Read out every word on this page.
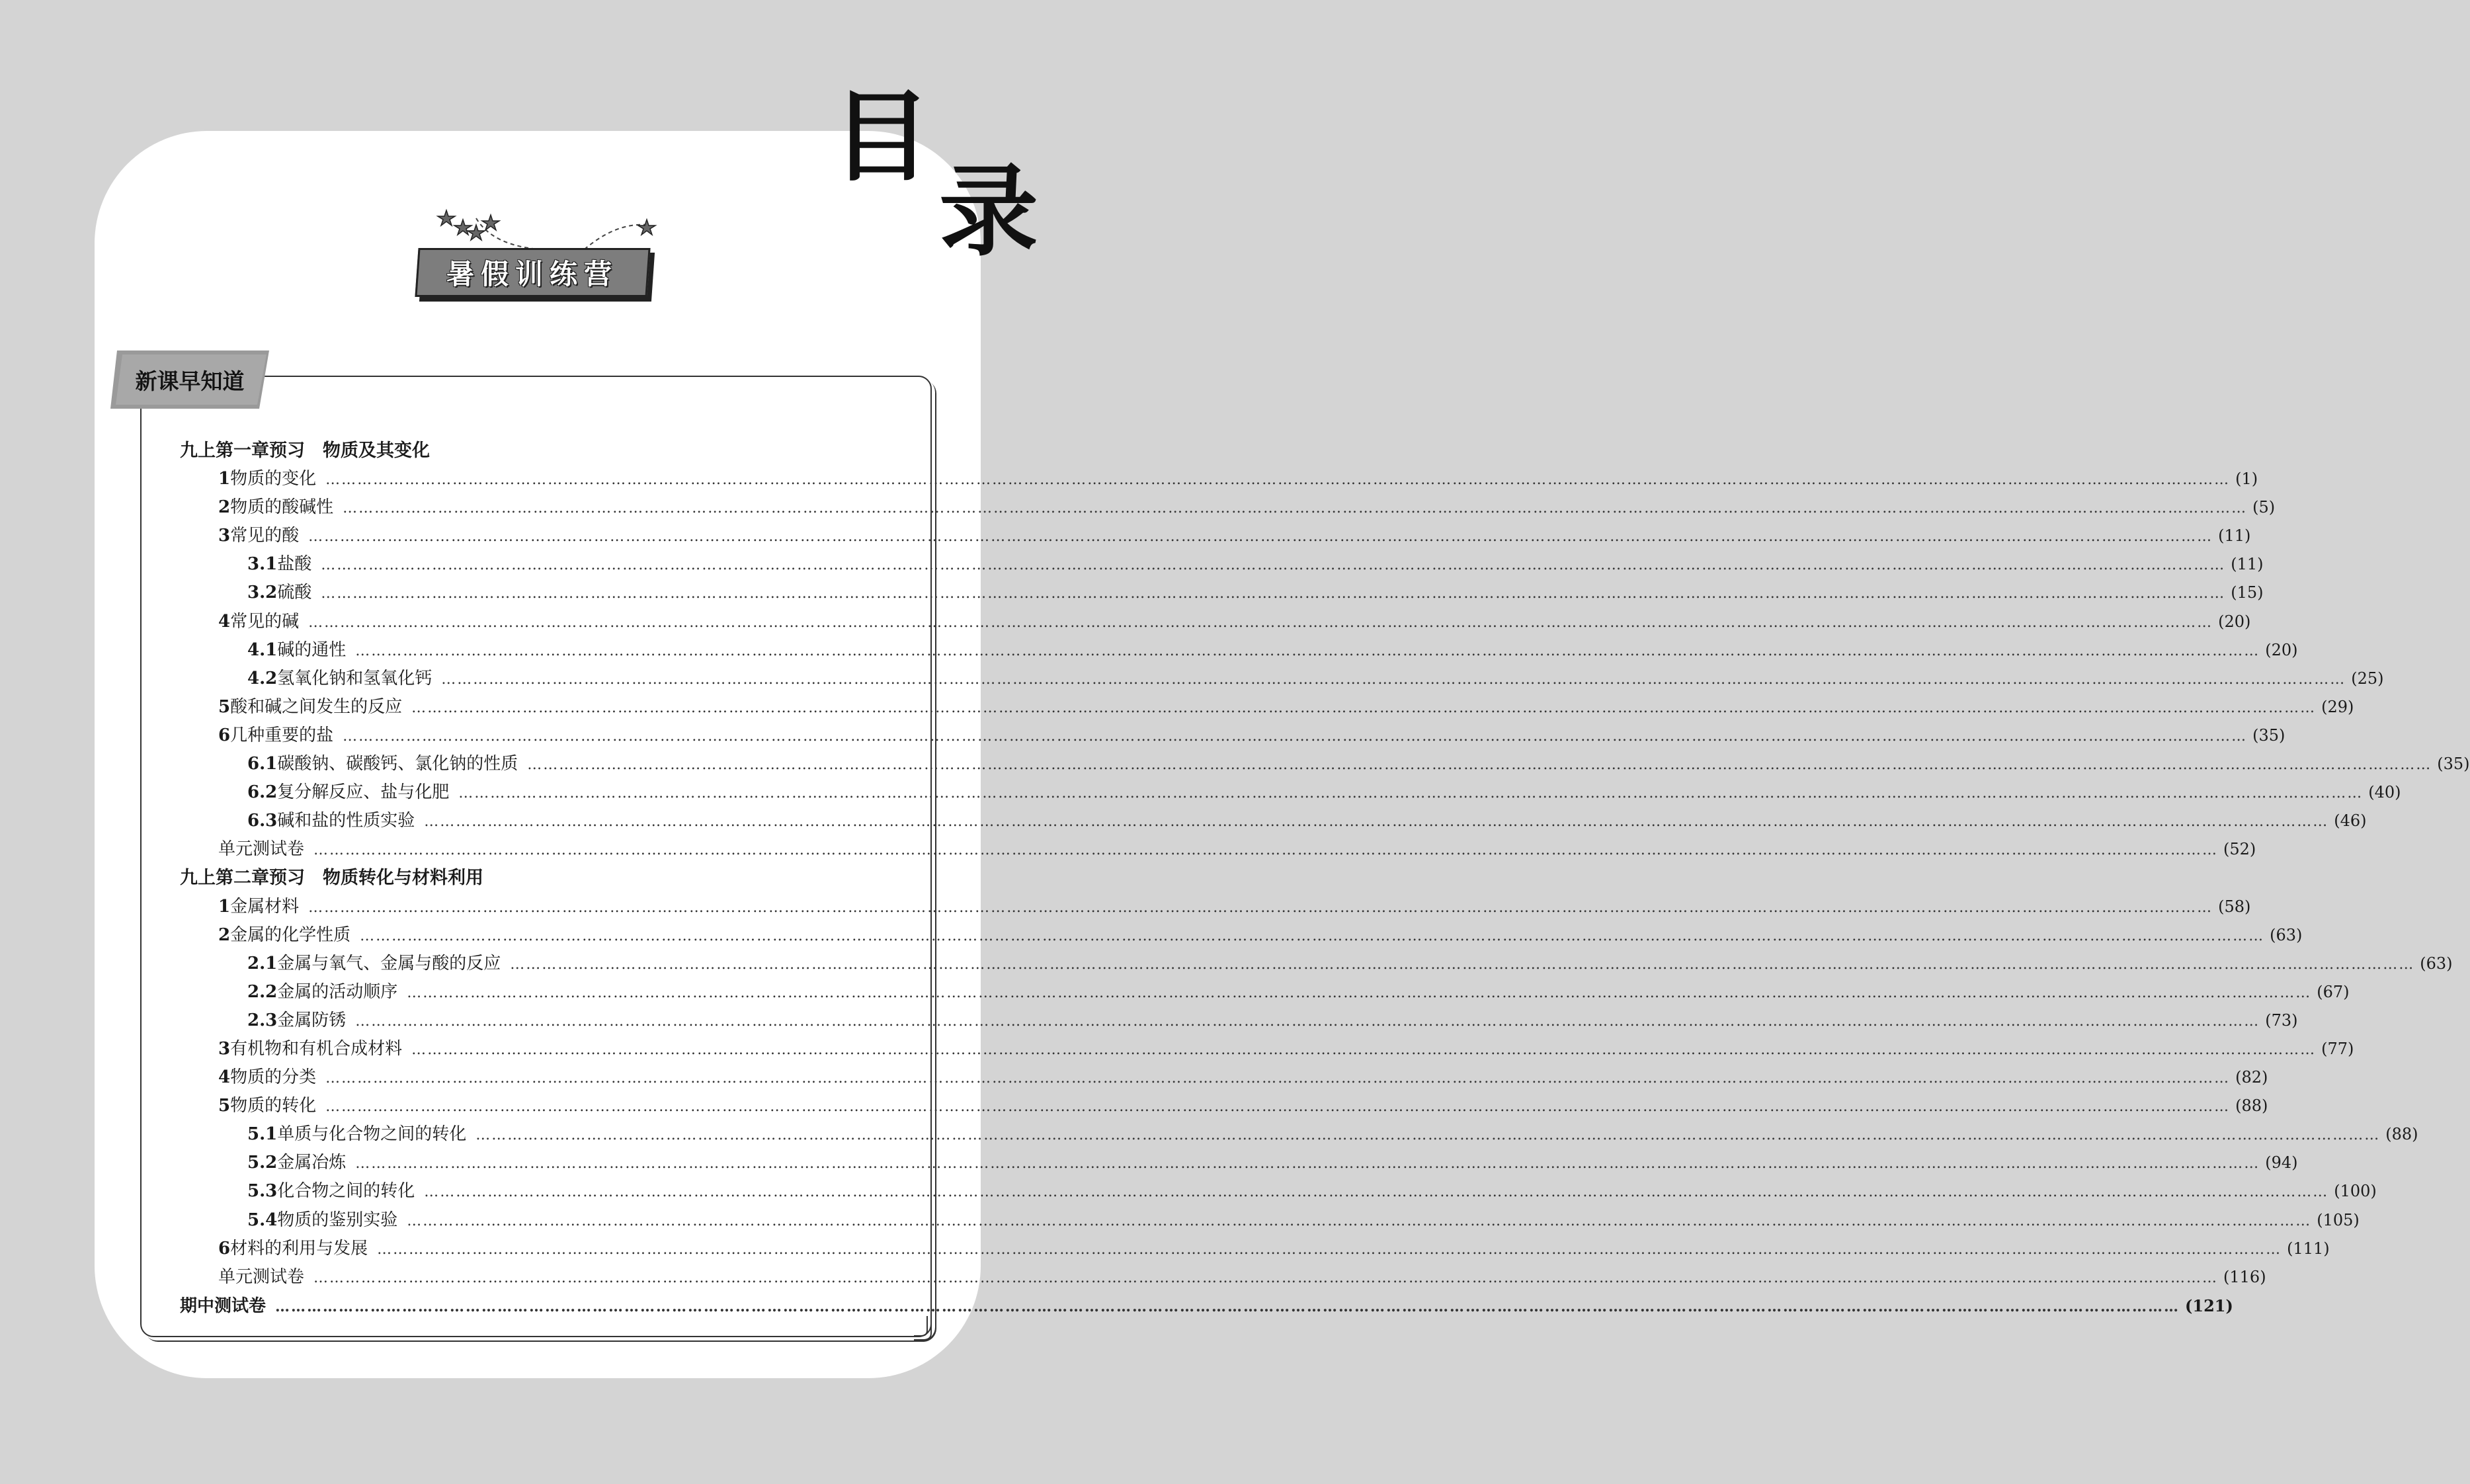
目
录
暑假训练营
新课早知道
九上第一章预习　物质及其变化
1 物质的变化 ……………………………………………………………………………………………………………………………………………………………………………………………………………………………………………………………………………………………………………………………… (1)
2 物质的酸碱性 ……………………………………………………………………………………………………………………………………………………………………………………………………………………………………………………………………………………………………………………………… (5)
3 常见的酸 ……………………………………………………………………………………………………………………………………………………………………………………………………………………………………………………………………………………………………………………………… (11)
3.1 盐酸 ……………………………………………………………………………………………………………………………………………………………………………………………………………………………………………………………………………………………………………………………… (11)
3.2 硫酸 ……………………………………………………………………………………………………………………………………………………………………………………………………………………………………………………………………………………………………………………………… (15)
4 常见的碱 ……………………………………………………………………………………………………………………………………………………………………………………………………………………………………………………………………………………………………………………………… (20)
4.1 碱的通性 ……………………………………………………………………………………………………………………………………………………………………………………………………………………………………………………………………………………………………………………………… (20)
4.2 氢氧化钠和氢氧化钙 ……………………………………………………………………………………………………………………………………………………………………………………………………………………………………………………………………………………………………………………………… (25)
5 酸和碱之间发生的反应 ……………………………………………………………………………………………………………………………………………………………………………………………………………………………………………………………………………………………………………………………… (29)
6 几种重要的盐 ……………………………………………………………………………………………………………………………………………………………………………………………………………………………………………………………………………………………………………………………… (35)
6.1 碳酸钠、碳酸钙、氯化钠的性质 ……………………………………………………………………………………………………………………………………………………………………………………………………………………………………………………………………………………………………………………………… (35)
6.2 复分解反应、盐与化肥 ……………………………………………………………………………………………………………………………………………………………………………………………………………………………………………………………………………………………………………………………… (40)
6.3 碱和盐的性质实验 ……………………………………………………………………………………………………………………………………………………………………………………………………………………………………………………………………………………………………………………………… (46)
单元测试卷 ……………………………………………………………………………………………………………………………………………………………………………………………………………………………………………………………………………………………………………………………… (52)
九上第二章预习　物质转化与材料利用
1 金属材料 ……………………………………………………………………………………………………………………………………………………………………………………………………………………………………………………………………………………………………………………………… (58)
2 金属的化学性质 ……………………………………………………………………………………………………………………………………………………………………………………………………………………………………………………………………………………………………………………………… (63)
2.1 金属与氧气、金属与酸的反应 ……………………………………………………………………………………………………………………………………………………………………………………………………………………………………………………………………………………………………………………………… (63)
2.2 金属的活动顺序 ……………………………………………………………………………………………………………………………………………………………………………………………………………………………………………………………………………………………………………………………… (67)
2.3 金属防锈 ……………………………………………………………………………………………………………………………………………………………………………………………………………………………………………………………………………………………………………………………… (73)
3 有机物和有机合成材料 ……………………………………………………………………………………………………………………………………………………………………………………………………………………………………………………………………………………………………………………………… (77)
4 物质的分类 ……………………………………………………………………………………………………………………………………………………………………………………………………………………………………………………………………………………………………………………………… (82)
5 物质的转化 ……………………………………………………………………………………………………………………………………………………………………………………………………………………………………………………………………………………………………………………………… (88)
5.1 单质与化合物之间的转化 ……………………………………………………………………………………………………………………………………………………………………………………………………………………………………………………………………………………………………………………………… (88)
5.2 金属冶炼 ……………………………………………………………………………………………………………………………………………………………………………………………………………………………………………………………………………………………………………………………… (94)
5.3 化合物之间的转化 ……………………………………………………………………………………………………………………………………………………………………………………………………………………………………………………………………………………………………………………………… (100)
5.4 物质的鉴别实验 ……………………………………………………………………………………………………………………………………………………………………………………………………………………………………………………………………………………………………………………………… (105)
6 材料的利用与发展 ……………………………………………………………………………………………………………………………………………………………………………………………………………………………………………………………………………………………………………………………… (111)
单元测试卷 ……………………………………………………………………………………………………………………………………………………………………………………………………………………………………………………………………………………………………………………………… (116)
期中测试卷 ……………………………………………………………………………………………………………………………………………………………………………………………………………………………………………………………………………………………………………………………… (121)
